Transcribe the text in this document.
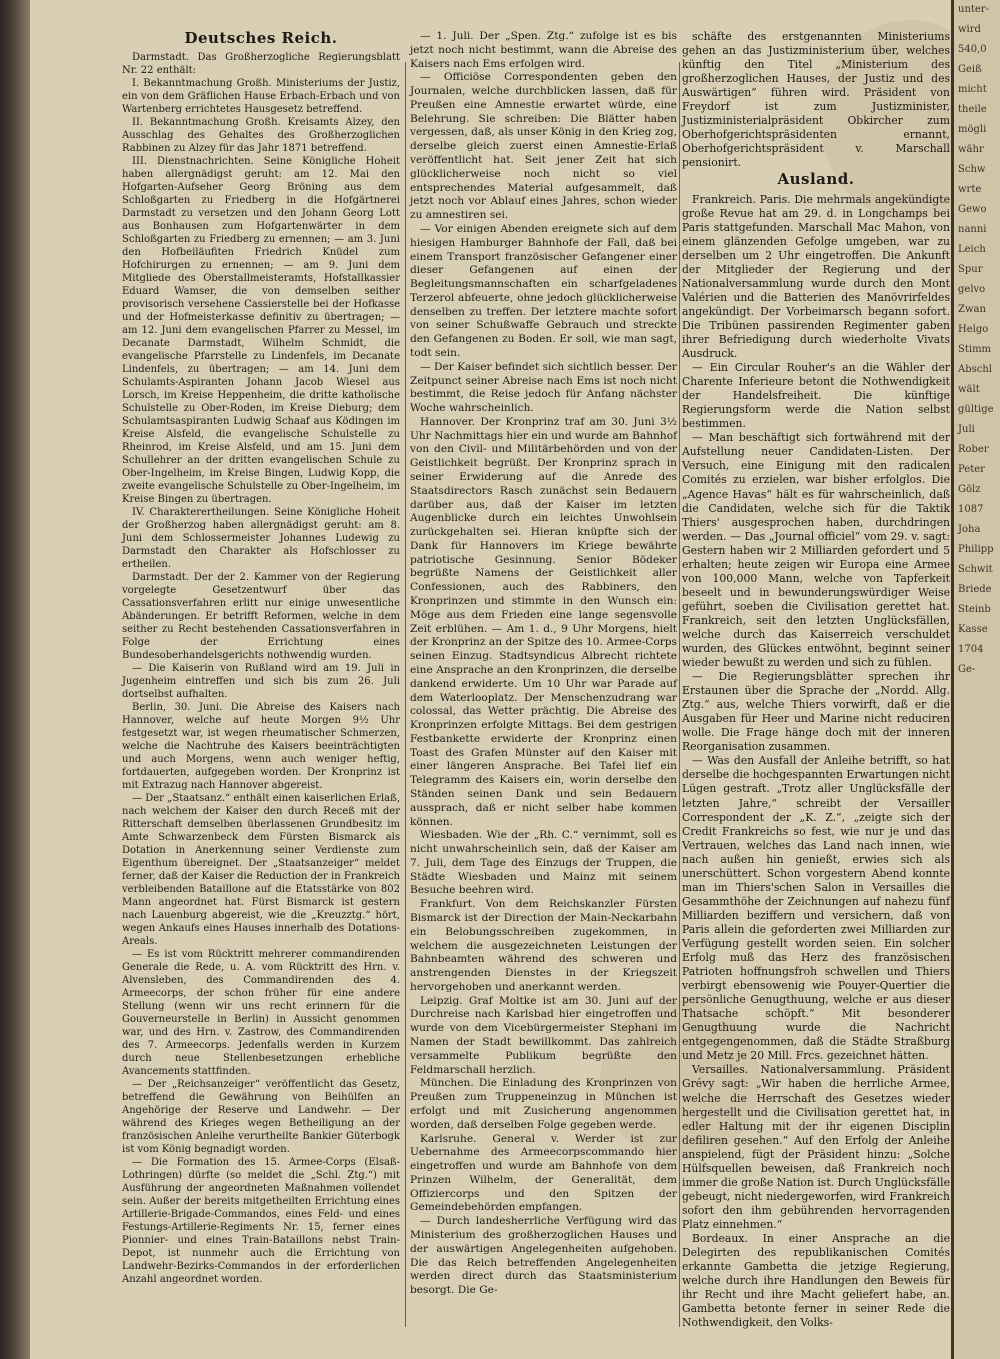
Deutsches Reich.

Darmstadt. Das Großherzogliche Regierungsblatt Nr. 22 enthält:

I. Bekanntmachung Großh. Ministeriums der Justiz, ein von dem Gräflichen Hause Erbach-Erbach und von Wartenberg errichtetes Hausgesetz betreffend.

II. Bekanntmachung Großh. Kreisamts Alzey, den Ausschlag des Gehaltes des Großherzoglichen Rabbinen zu Alzey für das Jahr 1871 betreffend.

III. Dienstnachrichten. Seine Königliche Hoheit haben allergnädigst geruht: am 12. Mai den Hofgarten-Aufseher Georg Bröning aus dem Schloßgarten zu Friedberg in die Hofgärtnerei Darmstadt zu versetzen und den Johann Georg Lott aus Bonhausen zum Hofgartenwärter in dem Schloßgarten zu Friedberg zu ernennen; — am 3. Juni den Hofbeiläufiten Friedrich Knüdel zum Hofchirurgen zu ernennen; — am 9. Juni dem Mitgliede des Oberstallmeisteramts, Hofstallkassier Eduard Wamser, die von demselben seither provisorisch versehene Cassierstelle bei der Hofkasse und der Hofmeisterkasse definitiv zu übertragen; — am 12. Juni dem evangelischen Pfarrer zu Messel, im Decanate Darmstadt, Wilhelm Schmidt, die evangelische Pfarrstelle zu Lindenfels, im Decanate Lindenfels, zu übertragen; — am 14. Juni dem Schulamts-Aspiranten Johann Jacob Wiesel aus Lorsch, im Kreise Heppenheim, die dritte katholische Schulstelle zu Ober-Roden, im Kreise Dieburg; dem Schulamtsaspiranten Ludwig Schaaf aus Ködingen im Kreise Alsfeld, die evangelische Schulstelle zu Rheinrod, im Kreise Alsfeld, und am 15. Juni dem Schullehrer an der dritten evangelischen Schule zu Ober-Ingelheim, im Kreise Bingen, Ludwig Kopp, die zweite evangelische Schulstelle zu Ober-Ingelheim, im Kreise Bingen zu übertragen.

IV. Charakterertheilungen. Seine Königliche Hoheit der Großherzog haben allergnädigst geruht: am 8. Juni dem Schlossermeister Johannes Ludewig zu Darmstadt den Charakter als Hofschlosser zu ertheilen.

Darmstadt. Der der 2. Kammer von der Regierung vorgelegte Gesetzentwurf über das Cassationsverfahren erlitt nur einige unwesentliche Abänderungen. Er betrifft Reformen, welche in dem seither zu Recht bestehenden Cassationsverfahren in Folge der Errichtung eines Bundesoberhandelsgerichts nothwendig wurden.

— Die Kaiserin von Rußland wird am 19. Juli in Jugenheim eintreffen und sich bis zum 26. Juli dortselbst aufhalten.

Berlin, 30. Juni. Die Abreise des Kaisers nach Hannover, welche auf heute Morgen 9½ Uhr festgesetzt war, ist wegen rheumatischer Schmerzen, welche die Nachtruhe des Kaisers beeinträchtigten und auch Morgens, wenn auch weniger heftig, fortdauerten, aufgegeben worden. Der Kronprinz ist mit Extrazug nach Hannover abgereist.

— Der „Staatsanz.“ enthält einen kaiserlichen Erlaß, nach welchem der Kaiser den durch Receß mit der Ritterschaft demselben überlassenen Grundbesitz im Amte Schwarzenbeck dem Fürsten Bismarck als Dotation in Anerkennung seiner Verdienste zum Eigenthum übereignet. Der „Staatsanzeiger“ meldet ferner, daß der Kaiser die Reduction der in Frankreich verbleibenden Bataillone auf die Etatsstärke von 802 Mann angeordnet hat. Fürst Bismarck ist gestern nach Lauenburg abgereist, wie die „Kreuzztg.“ hört, wegen Ankaufs eines Hauses innerhalb des Dotations-Areals.

— Es ist vom Rücktritt mehrerer commandirenden Generale die Rede, u. A. vom Rücktritt des Hrn. v. Alvensleben, des Commandirenden des 4. Armeecorps, der schon früher für eine andere Stellung (wenn wir uns recht erinnern für die Gouverneurstelle in Berlin) in Aussicht genommen war, und des Hrn. v. Zastrow, des Commandirenden des 7. Armeecorps. Jedenfalls werden in Kurzem durch neue Stellenbesetzungen erhebliche Avancements stattfinden.

— Der „Reichsanzeiger“ veröffentlicht das Gesetz, betreffend die Gewährung von Beihülfen an Angehörige der Reserve und Landwehr. — Der während des Krieges wegen Betheiligung an der französischen Anleihe verurtheilte Bankier Güterbogk ist vom König begnadigt worden.

— Die Formation des 15. Armee-Corps (Elsaß-Lothringen) dürfte (so meldet die „Schl. Ztg.“) mit Ausführung der angeordneten Maßnahmen vollendet sein. Außer der bereits mitgetheilten Errichtung eines Artillerie-Brigade-Commandos, eines Feld- und eines Festungs-Artillerie-Regiments Nr. 15, ferner eines Pionnier- und eines Train-Bataillons nebst Train-Depot, ist nunmehr auch die Errichtung von Landwehr-Bezirks-Commandos in der erforderlichen Anzahl angeordnet worden.

— 1. Juli. Der „Spen. Ztg.“ zufolge ist es bis jetzt noch nicht bestimmt, wann die Abreise des Kaisers nach Ems erfolgen wird.

— Officiöse Correspondenten geben den Journalen, welche durchblicken lassen, daß für Preußen eine Amnestie erwartet würde, eine Belehrung. Sie schreiben: Die Blätter haben vergessen, daß, als unser König in den Krieg zog, derselbe gleich zuerst einen Amnestie-Erlaß veröffentlicht hat. Seit jener Zeit hat sich glücklicherweise noch nicht so viel entsprechendes Material aufgesammelt, daß jetzt noch vor Ablauf eines Jahres, schon wieder zu amnestiren sei.

— Vor einigen Abenden ereignete sich auf dem hiesigen Hamburger Bahnhofe der Fall, daß bei einem Transport französischer Gefangener einer dieser Gefangenen auf einen der Begleitungsmannschaften ein scharfgeladenes Terzerol abfeuerte, ohne jedoch glücklicherweise denselben zu treffen. Der letztere machte sofort von seiner Schußwaffe Gebrauch und streckte den Gefangenen zu Boden. Er soll, wie man sagt, todt sein.

— Der Kaiser befindet sich sichtlich besser. Der Zeitpunct seiner Abreise nach Ems ist noch nicht bestimmt, die Reise jedoch für Anfang nächster Woche wahrscheinlich.

Hannover. Der Kronprinz traf am 30. Juni 3½ Uhr Nachmittags hier ein und wurde am Bahnhof von den Civil- und Militärbehörden und von der Geistlichkeit begrüßt. Der Kronprinz sprach in seiner Erwiderung auf die Anrede des Staatsdirectors Rasch zunächst sein Bedauern darüber aus, daß der Kaiser im letzten Augenblicke durch ein leichtes Unwohlsein zurückgehalten sei. Hieran knüpfte sich der Dank für Hannovers im Kriege bewährte patriotische Gesinnung. Senior Bödeker begrüßte Namens der Geistlichkeit aller Confessionen, auch des Rabbiners, den Kronprinzen und stimmte in den Wunsch ein: Möge aus dem Frieden eine lange segensvolle Zeit erblühen. — Am 1. d., 9 Uhr Morgens, hielt der Kronprinz an der Spitze des 10. Armee-Corps seinen Einzug. Stadtsyndicus Albrecht richtete eine Ansprache an den Kronprinzen, die derselbe dankend erwiderte. Um 10 Uhr war Parade auf dem Waterlooplatz. Der Menschenzudrang war colossal, das Wetter prächtig. Die Abreise des Kronprinzen erfolgte Mittags. Bei dem gestrigen Festbankette erwiderte der Kronprinz einen Toast des Grafen Münster auf den Kaiser mit einer längeren Ansprache. Bei Tafel lief ein Telegramm des Kaisers ein, worin derselbe den Ständen seinen Dank und sein Bedauern aussprach, daß er nicht selber habe kommen können.

Wiesbaden. Wie der „Rh. C.“ vernimmt, soll es nicht unwahrscheinlich sein, daß der Kaiser am 7. Juli, dem Tage des Einzugs der Truppen, die Städte Wiesbaden und Mainz mit seinem Besuche beehren wird.

Frankfurt. Von dem Reichskanzler Fürsten Bismarck ist der Direction der Main-Neckarbahn ein Belobungsschreiben zugekommen, in welchem die ausgezeichneten Leistungen der Bahnbeamten während des schweren und anstrengenden Dienstes in der Kriegszeit hervorgehoben und anerkannt werden.

Leipzig. Graf Moltke ist am 30. Juni auf der Durchreise nach Karlsbad hier eingetroffen und wurde von dem Vicebürgermeister Stephani im Namen der Stadt bewillkommt. Das zahlreich versammelte Publikum begrüßte den Feldmarschall herzlich.

München. Die Einladung des Kronprinzen von Preußen zum Truppeneinzug in München ist erfolgt und mit Zusicherung angenommen worden, daß derselben Folge gegeben werde.

Karlsruhe. General v. Werder ist zur Uebernahme des Armeecorpscommando hier eingetroffen und wurde am Bahnhofe von dem Prinzen Wilhelm, der Generalität, dem Offiziercorps und den Spitzen der Gemeindebehörden empfangen.

— Durch landesherrliche Verfügung wird das Ministerium des großherzoglichen Hauses und der auswärtigen Angelegenheiten aufgehoben. Die das Reich betreffenden Angelegenheiten werden direct durch das Staatsministerium besorgt. Die Ge-

schäfte des erstgenannten Ministeriums gehen an das Justizministerium über, welches künftig den Titel „Ministerium des großherzoglichen Hauses, der Justiz und des Auswärtigen“ führen wird. Präsident von Freydorf ist zum Justizminister, Justizministerialpräsident Obkircher zum Oberhofgerichtspräsidenten ernannt, Oberhofgerichtspräsident v. Marschall pensionirt.

Ausland.

Frankreich. Paris. Die mehrmals angekündigte große Revue hat am 29. d. in Longchamps bei Paris stattgefunden. Marschall Mac Mahon, von einem glänzenden Gefolge umgeben, war zu derselben um 2 Uhr eingetroffen. Die Ankunft der Mitglieder der Regierung und der Nationalversammlung wurde durch den Mont Valérien und die Batterien des Manövrirfeldes angekündigt. Der Vorbeimarsch begann sofort. Die Tribünen passirenden Regimenter gaben ihrer Befriedigung durch wiederholte Vivats Ausdruck.

— Ein Circular Rouher's an die Wähler der Charente Inferieure betont die Nothwendigkeit der Handelsfreiheit. Die künftige Regierungsform werde die Nation selbst bestimmen.

— Man beschäftigt sich fortwährend mit der Aufstellung neuer Candidaten-Listen. Der Versuch, eine Einigung mit den radicalen Comités zu erzielen, war bisher erfolglos. Die „Agence Havas“ hält es für wahrscheinlich, daß die Candidaten, welche sich für die Taktik Thiers' ausgesprochen haben, durchdringen werden. — Das „Journal officiel“ vom 29. v. sagt: Gestern haben wir 2 Milliarden gefordert und 5 erhalten; heute zeigen wir Europa eine Armee von 100,000 Mann, welche von Tapferkeit beseelt und in bewunderungswürdiger Weise geführt, soeben die Civilisation gerettet hat. Frankreich, seit den letzten Unglücksfällen, welche durch das Kaiserreich verschuldet wurden, des Glückes entwöhnt, beginnt seiner wieder bewußt zu werden und sich zu fühlen.

— Die Regierungsblätter sprechen ihr Erstaunen über die Sprache der „Nordd. Allg. Ztg.“ aus, welche Thiers vorwirft, daß er die Ausgaben für Heer und Marine nicht reduciren wolle. Die Frage hänge doch mit der inneren Reorganisation zusammen.

— Was den Ausfall der Anleihe betrifft, so hat derselbe die hochgespannten Erwartungen nicht Lügen gestraft. „Trotz aller Unglücksfälle der letzten Jahre,“ schreibt der Versailler Correspondent der „K. Z.“, „zeigte sich der Credit Frankreichs so fest, wie nur je und das Vertrauen, welches das Land nach innen, wie nach außen hin genießt, erwies sich als unerschüttert. Schon vorgestern Abend konnte man im Thiers'schen Salon in Versailles die Gesammthöhe der Zeichnungen auf nahezu fünf Milliarden beziffern und versichern, daß von Paris allein die geforderten zwei Milliarden zur Verfügung gestellt worden seien. Ein solcher Erfolg muß das Herz des französischen Patrioten hoffnungsfroh schwellen und Thiers verbirgt ebensowenig wie Pouyer-Quertier die persönliche Genugthuung, welche er aus dieser Thatsache schöpft.“ Mit besonderer Genugthuung wurde die Nachricht entgegengenommen, daß die Städte Straßburg und Metz je 20 Mill. Frcs. gezeichnet hätten.

Versailles. Nationalversammlung. Präsident Grévy sagt: „Wir haben die herrliche Armee, welche die Herrschaft des Gesetzes wieder hergestellt und die Civilisation gerettet hat, in edler Haltung mit der ihr eigenen Disciplin defiliren gesehen.“ Auf den Erfolg der Anleihe anspielend, fügt der Präsident hinzu: „Solche Hülfsquellen beweisen, daß Frankreich noch immer die große Nation ist. Durch Unglücksfälle gebeugt, nicht niedergeworfen, wird Frankreich sofort den ihm gebührenden hervorragenden Platz einnehmen.“

Bordeaux. In einer Ansprache an die Delegirten des republikanischen Comités erkannte Gambetta die jetzige Regierung, welche durch ihre Handlungen den Beweis für ihr Recht und ihre Macht geliefert habe, an. Gambetta betonte ferner in seiner Rede die Nothwendigkeit, den Volks-

unter-
wird
540,0
Geiß
micht
theile
mögli
währ
Schw
wrte
Gewo
nanni
Leich
Spur
gelvo
Zwan
Helgo
Stimm
Abschl
wält
gültige
Juli
Rober
Peter
Gölz
1087
Joha
Philipp
Schwit
Briede
Steinb
Kasse
1704
Ge-
